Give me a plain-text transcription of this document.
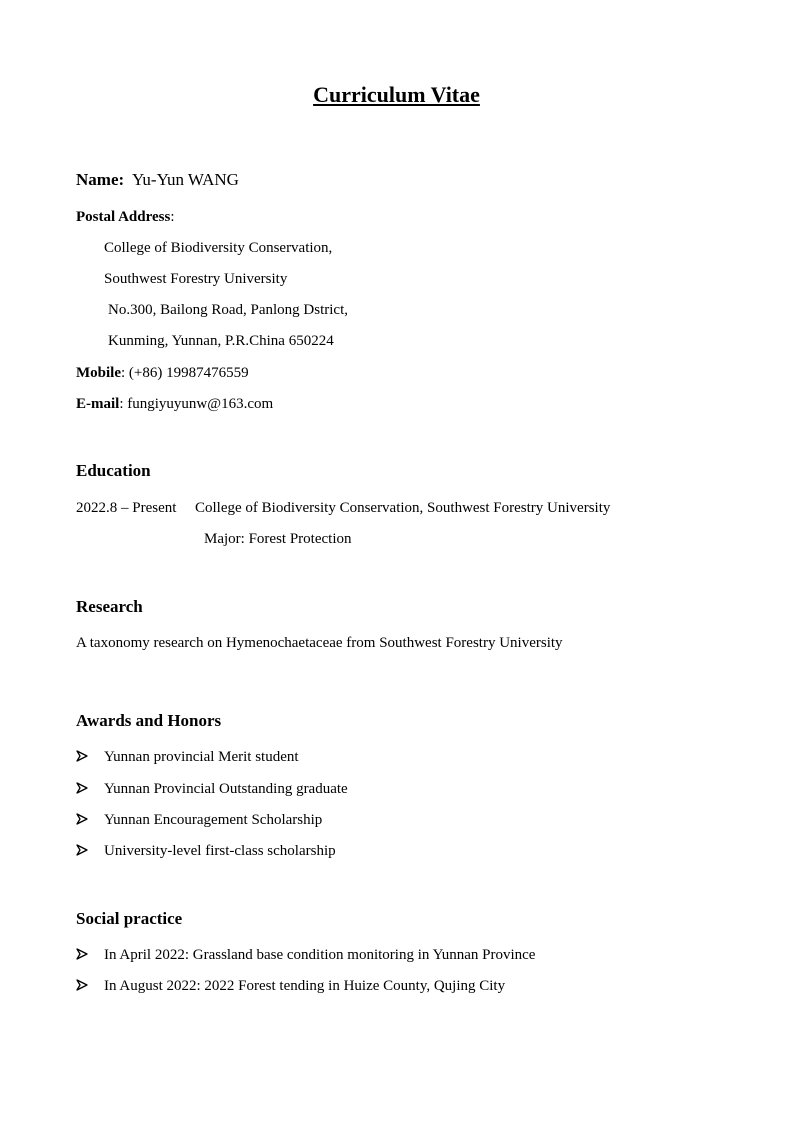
Curriculum Vitae
Name: Yu-Yun WANG
Postal Address:
College of Biodiversity Conservation,
Southwest Forestry University
No.300, Bailong Road, Panlong Dstrict,
Kunming, Yunnan, P.R.China 650224
Mobile: (+86) 19987476559
E-mail: fungiyuyunw@163.com
Education
2022.8 – Present College of Biodiversity Conservation, Southwest Forestry University
Major: Forest Protection
Research
A taxonomy research on Hymenochaetaceae from Southwest Forestry University
Awards and Honors
Yunnan provincial Merit student
Yunnan Provincial Outstanding graduate
Yunnan Encouragement Scholarship
University-level first-class scholarship
Social practice
In April 2022: Grassland base condition monitoring in Yunnan Province
In August 2022: 2022 Forest tending in Huize County, Qujing City
